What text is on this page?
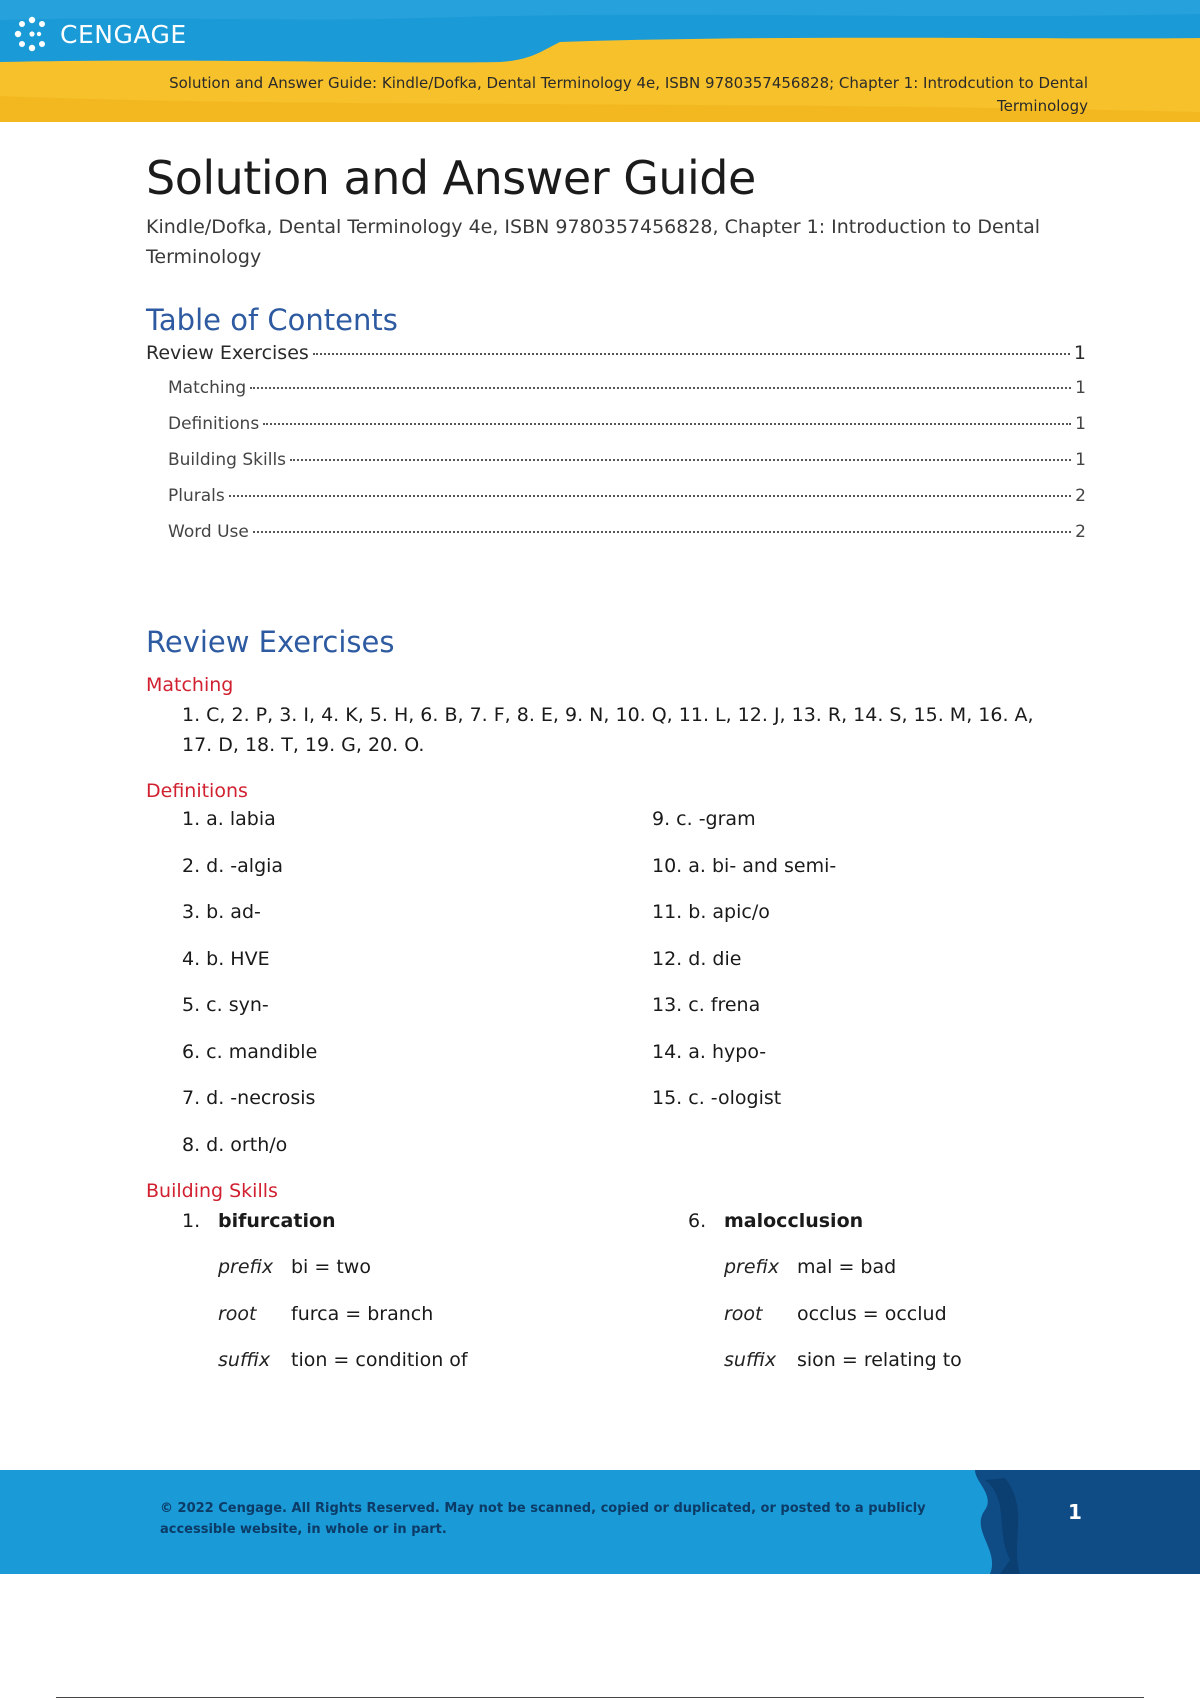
CENGAGE
Solution and Answer Guide: Kindle/Dofka, Dental Terminology 4e, ISBN 9780357456828; Chapter 1: Introdcution to Dental Terminology
Solution and Answer Guide
Kindle/Dofka, Dental Terminology 4e, ISBN 9780357456828, Chapter 1: Introduction to Dental Terminology
Table of Contents
Review Exercises	1
Matching	1
Definitions	1
Building Skills	1
Plurals	2
Word Use	2
Review Exercises
Matching
1. C, 2. P, 3. I, 4. K, 5. H, 6. B, 7. F, 8. E, 9. N, 10. Q, 11. L, 12. J, 13. R, 14. S, 15. M, 16. A,
17. D, 18. T, 19. G, 20. O.
Definitions
1. a. labia
2. d. -algia
3. b. ad-
4. b. HVE
5. c. syn-
6. c. mandible
7. d. -necrosis
8. d. orth/o
9. c. -gram
10. a. bi- and semi-
11. b. apic/o
12. d. die
13. c. frena
14. a. hypo-
15. c. -ologist
Building Skills
1. bifurcation
prefix bi = two
root	furca = branch
suffix	tion = condition of
6. malocclusion
prefix mal = bad
root	occlus = occlud
suffix	sion = relating to
© 2022 Cengage. All Rights Reserved. May not be scanned, copied or duplicated, or posted to a publicly accessible website, in whole or in part.
1
